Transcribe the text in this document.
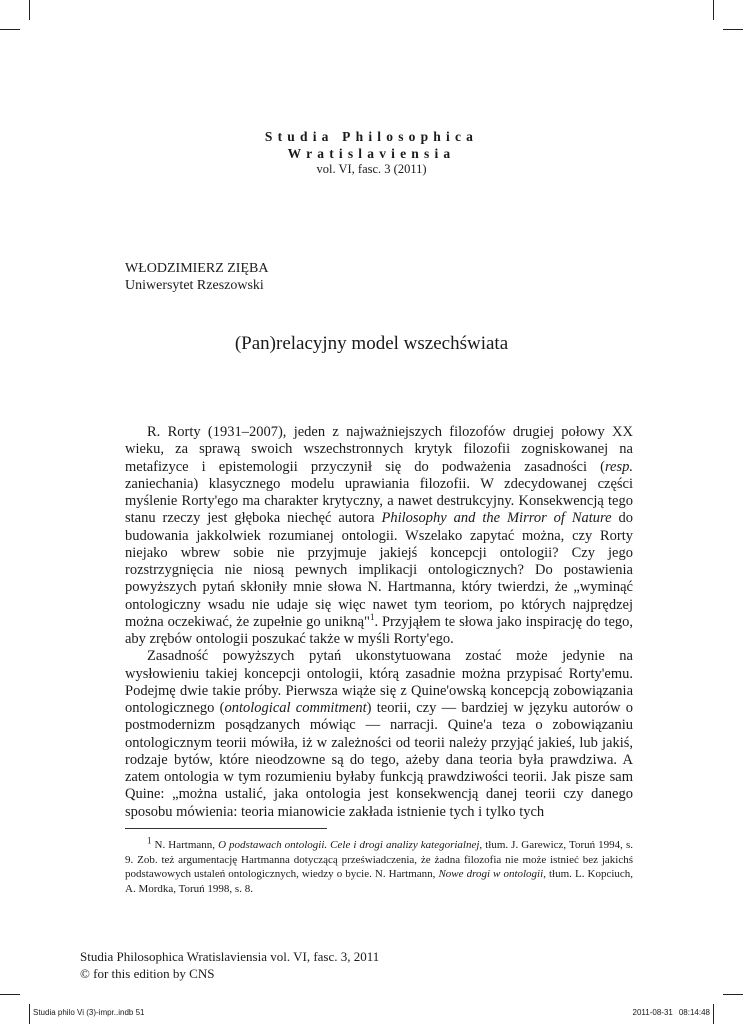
Studia Philosophica
Wratislaviensia
vol. VI, fasc. 3 (2011)
WŁODZIMIERZ ZIĘBA
Uniwersytet Rzeszowski
(Pan)relacyjny model wszechświata

R. Rorty (1931–2007), jeden z najważniejszych filozofów drugiej połowy XX wieku, za sprawą swoich wszechstronnych krytyk filozofii zogniskowanej na metafizyce i epistemologii przyczynił się do podważenia zasadności (resp. zaniechania) klasycznego modelu uprawiania filozofii. W zdecydowanej części myślenie Rorty'ego ma charakter krytyczny, a nawet destrukcyjny. Konsekwencją tego stanu rzeczy jest głęboka niechęć autora Philosophy and the Mirror of Nature do budowania jakkolwiek rozumianej ontologii. Wszelako zapytać można, czy Rorty niejako wbrew sobie nie przyjmuje jakiejś koncepcji ontologii? Czy jego rozstrzygnięcia nie niosą pewnych implikacji ontologicznych? Do postawienia powyższych pytań skłoniły mnie słowa N. Hartmanna, który twierdzi, że „wyminąć ontologiczny wsadu nie udaje się więc nawet tym teoriom, po których najprędzej można oczekiwać, że zupełnie go unikną"$^1$. Przyjąłem te słowa jako inspirację do tego, aby zrębów ontologii poszukać także w myśli Rorty'ego.

Zasadność powyższych pytań ukonstytuowana zostać może jedynie na wysłowieniu takiej koncepcji ontologii, którą zasadnie można przypisać Rorty'emu. Podejmę dwie takie próby. Pierwsza wiąże się z Quine'owską koncepcją zobowiązania ontologicznego (ontological commitment) teorii, czy — bardziej w języku autorów o postmodernizm posądzanych mówiąc — narracji. Quine'a teza o zobowiązaniu ontologicznym teorii mówiła, iż w zależności od teorii należy przyjąć jakieś, lub jakiś, rodzaje bytów, które nieodzowne są do tego, ażeby dana teoria była prawdziwa. A zatem ontologia w tym rozumieniu byłaby funkcją prawdziwości teorii. Jak pisze sam Quine: „można ustalić, jaka ontologia jest konsekwencją danej teorii czy danego sposobu mówienia: teoria mianowicie zakłada istnienie tych i tylko tych

$^1$ N. Hartmann, O podstawach ontologii. Cele i drogi analizy kategorialnej, tłum. J. Garewicz, Toruń 1994, s. 9. Zob. też argumentację Hartmanna dotyczącą przeświadczenia, że żadna filozofia nie może istnieć bez jakichś podstawowych ustaleń ontologicznych, wiedzy o bycie. N. Hartmann, Nowe drogi w ontologii, tłum. L. Kopciuch, A. Mordka, Toruń 1998, s. 8.

Studia Philosophica Wratislaviensia vol. VI, fasc. 3, 2011
© for this edition by CNS
Studia philo Vi (3)-impr..indb 51	2011-08-31 08:14:48
